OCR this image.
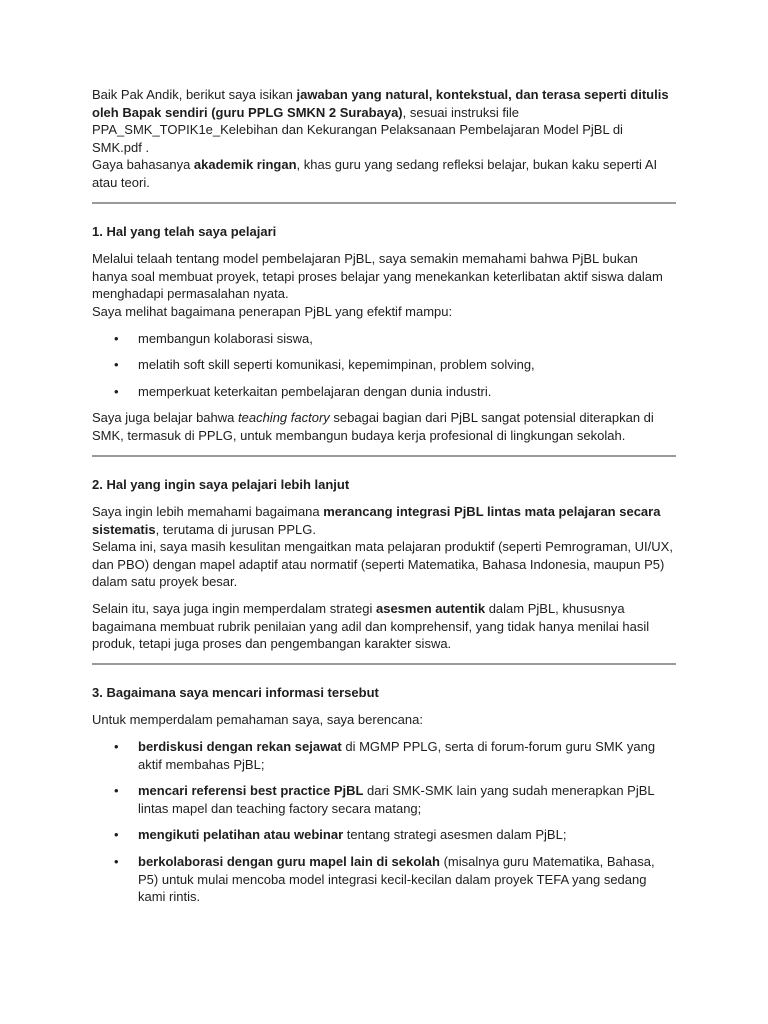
Baik Pak Andik, berikut saya isikan jawaban yang natural, kontekstual, dan terasa seperti ditulis oleh Bapak sendiri (guru PPLG SMKN 2 Surabaya), sesuai instruksi file PPA_SMK_TOPIK1e_Kelebihan dan Kekurangan Pelaksanaan Pembelajaran Model PjBL di SMK.pdf .
Gaya bahasanya akademik ringan, khas guru yang sedang refleksi belajar, bukan kaku seperti AI atau teori.

1. Hal yang telah saya pelajari

Melalui telaah tentang model pembelajaran PjBL, saya semakin memahami bahwa PjBL bukan hanya soal membuat proyek, tetapi proses belajar yang menekankan keterlibatan aktif siswa dalam menghadapi permasalahan nyata.
Saya melihat bagaimana penerapan PjBL yang efektif mampu:

• membangun kolaborasi siswa,
• melatih soft skill seperti komunikasi, kepemimpinan, problem solving,
• memperkuat keterkaitan pembelajaran dengan dunia industri.

Saya juga belajar bahwa teaching factory sebagai bagian dari PjBL sangat potensial diterapkan di SMK, termasuk di PPLG, untuk membangun budaya kerja profesional di lingkungan sekolah.

2. Hal yang ingin saya pelajari lebih lanjut

Saya ingin lebih memahami bagaimana merancang integrasi PjBL lintas mata pelajaran secara sistematis, terutama di jurusan PPLG.
Selama ini, saya masih kesulitan mengaitkan mata pelajaran produktif (seperti Pemrograman, UI/UX, dan PBO) dengan mapel adaptif atau normatif (seperti Matematika, Bahasa Indonesia, maupun P5) dalam satu proyek besar.

Selain itu, saya juga ingin memperdalam strategi asesmen autentik dalam PjBL, khususnya bagaimana membuat rubrik penilaian yang adil dan komprehensif, yang tidak hanya menilai hasil produk, tetapi juga proses dan pengembangan karakter siswa.

3. Bagaimana saya mencari informasi tersebut

Untuk memperdalam pemahaman saya, saya berencana:

• berdiskusi dengan rekan sejawat di MGMP PPLG, serta di forum-forum guru SMK yang aktif membahas PjBL;
• mencari referensi best practice PjBL dari SMK-SMK lain yang sudah menerapkan PjBL lintas mapel dan teaching factory secara matang;
• mengikuti pelatihan atau webinar tentang strategi asesmen dalam PjBL;
• berkolaborasi dengan guru mapel lain di sekolah (misalnya guru Matematika, Bahasa, P5) untuk mulai mencoba model integrasi kecil-kecilan dalam proyek TEFA yang sedang kami rintis.
